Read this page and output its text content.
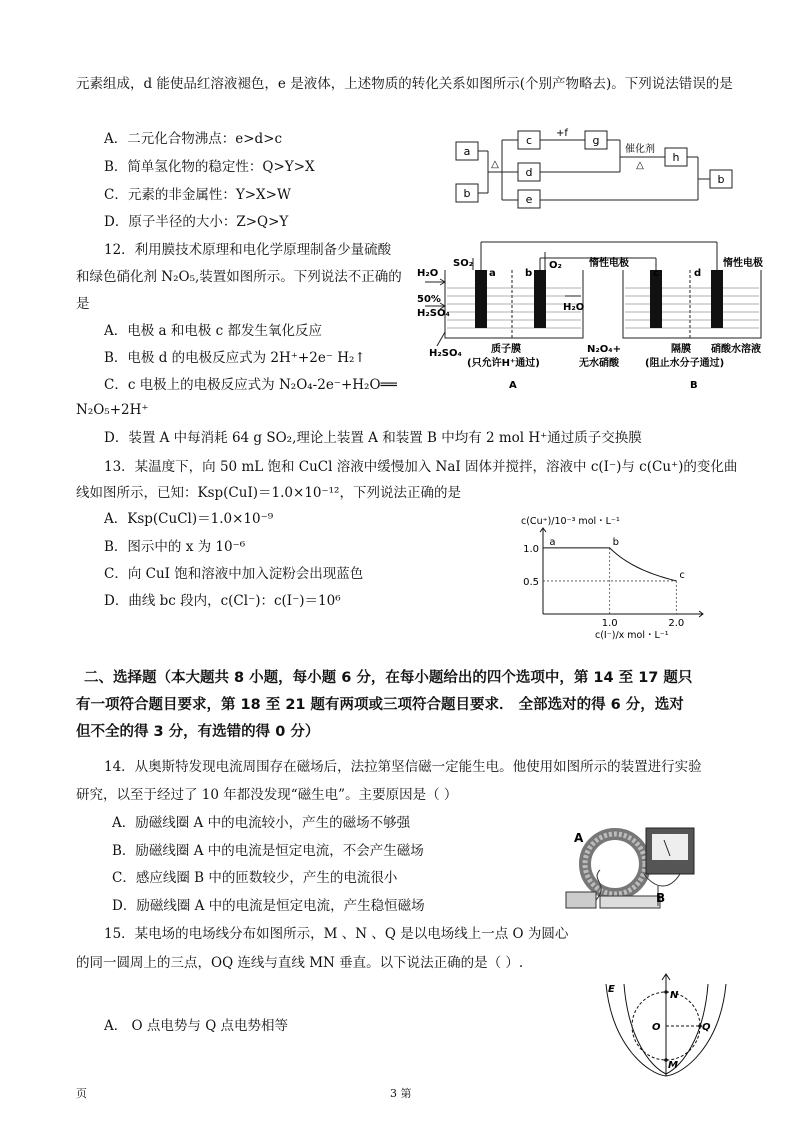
元素组成，d 能使品红溶液褪色，e 是液体，上述物质的转化关系如图所示(个别产物略去)。下列说法错误的是
A．二元化合物沸点：e>d>c
B．简单氢化物的稳定性：Q>Y>X
C．元素的非金属性：Y>X>W
D．原子半径的大小：Z>Q>Y
a
b
c
d
e
g
h
b
△
+f
催化剂
△
12．利用膜技术原理和电化学原理制备少量硫酸
和绿色硝化剂 N₂O₅,装置如图所示。下列说法不正确的
是
A．电极 a 和电极 c 都发生氧化反应
B．电极 d 的电极反应式为 2H⁺+2e⁻ H₂↑
C．c 电极上的电极反应式为 N₂O₄-2e⁻+H₂O══
N₂O₅+2H⁺
D．装置 A 中每消耗 64 g SO₂,理论上装置 A 和装置 B 中均有 2 mol H⁺通过质子交换膜
SO₂
a	b
O₂
H₂O
50%
H₂SO₄
H₂O
H₂SO₄	质子膜
(只允许H⁺通过)
A
惰性电极
c	d
惰性电极
N₂O₄+
无水硝酸
隔膜
(阻止水分子通过)
硝酸水溶液
B
13．某温度下，向 50 mL 饱和 CuCl 溶液中缓慢加入 NaI 固体并搅拌，溶液中 c(I⁻)与 c(Cu⁺)的变化曲
线如图所示，已知：Ksp(CuI)＝1.0×10⁻¹²，下列说法正确的是
A．Ksp(CuCl)＝1.0×10⁻⁹
B．图示中的 x 为 10⁻⁶
C．向 CuI 饱和溶液中加入淀粉会出现蓝色
D．曲线 bc 段内，c(Cl⁻)：c(I⁻)＝10⁶
c(Cu⁺)/10⁻³ mol・L⁻¹
c(I⁻)/x mol・L⁻¹
1.0	2.0
1.0
0.5
a	b
c
二、选择题（本大题共 8 小题，每小题 6 分，在每小题给出的四个选项中，第 14 至 17 题只
有一项符合题目要求，第 18 至 21 题有两项或三项符合题目要求． 全部选对的得 6 分，选对
但不全的得 3 分，有选错的得 0 分）
14．从奥斯特发现电流周围存在磁场后，法拉第坚信磁一定能生电。他使用如图所示的装置进行实验
研究，以至于经过了 10 年都没发现“磁生电”。主要原因是（ ）
A．励磁线圈 A 中的电流较小，产生的磁场不够强
B．励磁线圈 A 中的电流是恒定电流，不会产生磁场
C．感应线圈 B 中的匝数较少，产生的电流很小
D．励磁线圈 A 中的电流是恒定电流，产生稳恒磁场
A
B
15．某电场的电场线分布如图所示，M 、N 、Q 是以电场线上一点 O 为圆心
的同一圆周上的三点，OQ 连线与直线 MN 垂直。以下说法正确的是（ ）.
A． O 点电势与 Q 点电势相等
E
N
O	Q
M
页	3 第
